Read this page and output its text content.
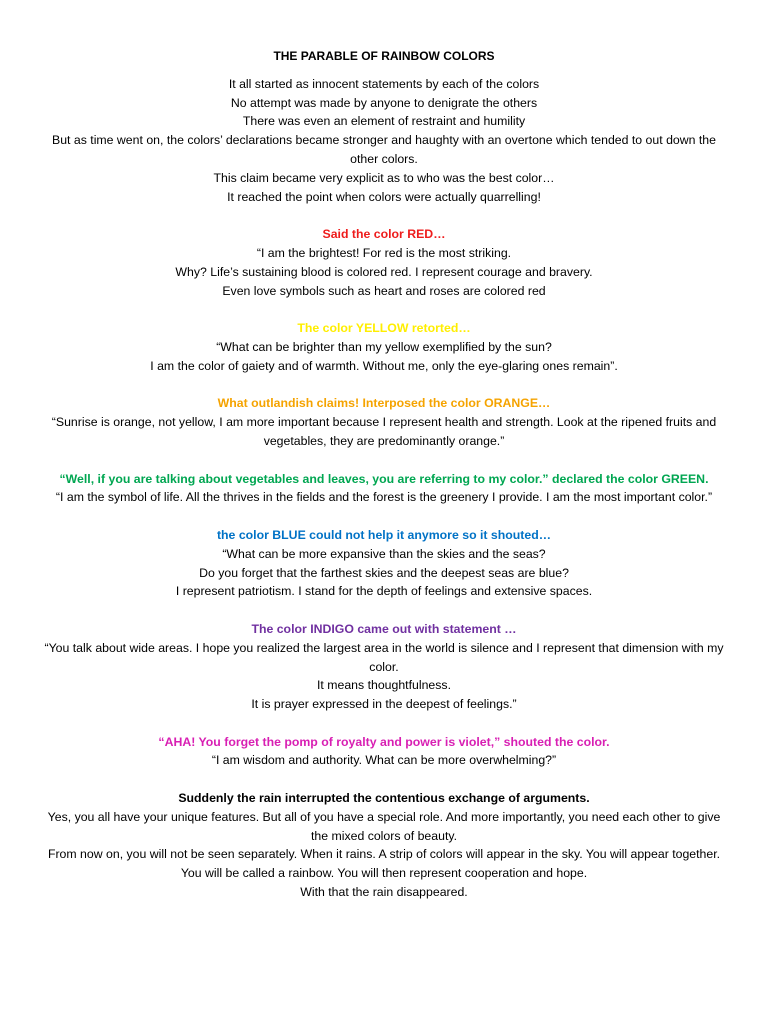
THE PARABLE OF RAINBOW COLORS
It all started as innocent statements by each of the colors
No attempt was made by anyone to denigrate the others
There was even an element of restraint and humility
But as time went on, the colors’ declarations became stronger and haughty with an overtone which tended to out down the other colors.
This claim became very explicit as to who was the best color…
It reached the point when colors were actually quarrelling!
Said the color RED…
“I am the brightest! For red is the most striking.
Why? Life’s sustaining blood is colored red. I represent courage and bravery.
Even love symbols such as heart and roses are colored red
The color YELLOW retorted…
“What can be brighter than my yellow exemplified by the sun?
I am the color of gaiety and of warmth. Without me, only the eye-glaring ones remain”.
What outlandish claims! Interposed the color ORANGE…
“Sunrise is orange, not yellow, I am more important because I represent health and strength. Look at the ripened fruits and vegetables, they are predominantly orange.”
“Well, if you are talking about vegetables and leaves, you are referring to my color.” declared the color GREEN.
“I am the symbol of life. All the thrives in the fields and the forest is the greenery I provide. I am the most important color.”
the color BLUE could not help it anymore so it shouted…
“What can be more expansive than the skies and the seas?
Do you forget that the farthest skies and the deepest seas are blue?
I represent patriotism. I stand for the depth of feelings and extensive spaces.
The color INDIGO came out with statement …
“You talk about wide areas. I hope you realized the largest area in the world is silence and I represent that dimension with my color.
It means thoughtfulness.
It is prayer expressed in the deepest of feelings.”
“AHA! You forget the pomp of royalty and power is violet,” shouted the color.
“I am wisdom and authority. What can be more overwhelming?”
Suddenly the rain interrupted the contentious exchange of arguments.
Yes, you all have your unique features. But all of you have a special role. And more importantly, you need each other to give the mixed colors of beauty.
From now on, you will not be seen separately. When it rains. A strip of colors will appear in the sky. You will appear together. You will be called a rainbow. You will then represent cooperation and hope.
With that the rain disappeared.
